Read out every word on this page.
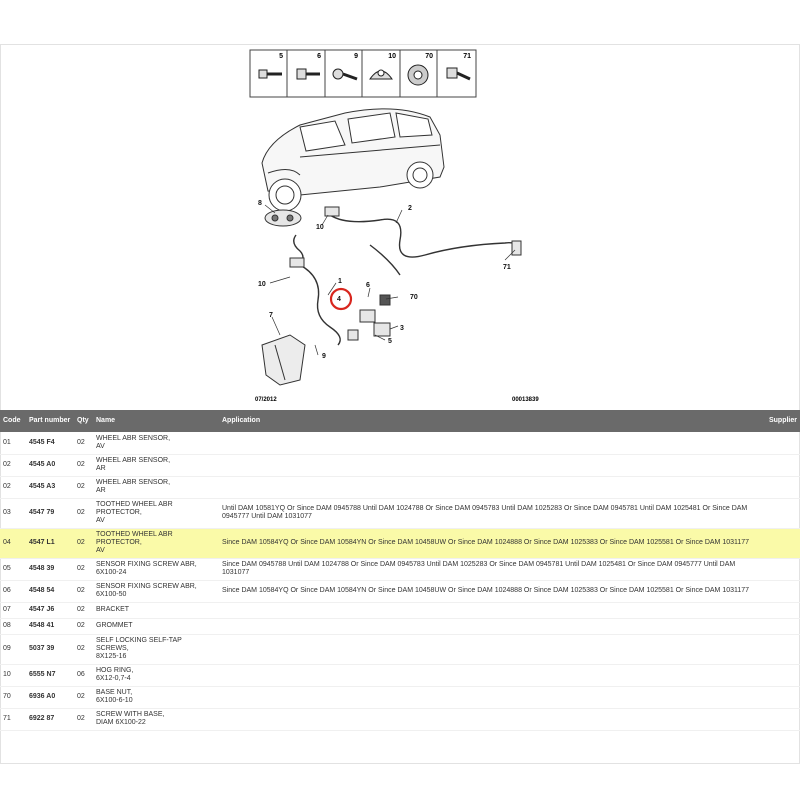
5	6	9	10	70	71
8
10
2
71
10	1
4
6
70
3
7
5
9
07/2012	00013839
Code	Part number	Qty	Name	Application	Supplier
01	4545 F4	02	WHEEL ABR SENSOR,
AV		
02	4545 A0	02	WHEEL ABR SENSOR,
AR		
02	4545 A3	02	WHEEL ABR SENSOR,
AR		
03	4547 79	02	TOOTHED WHEEL ABR
PROTECTOR,
AV	Until DAM 10581YQ Or Since DAM 0945788 Until DAM 1024788 Or Since DAM 0945783 Until DAM 1025283 Or Since DAM 0945781 Until DAM 1025481 Or Since DAM 0945777 Until DAM 1031077	
04	4547 L1	02	TOOTHED WHEEL ABR
PROTECTOR,
AV	Since DAM 10584YQ Or Since DAM 10584YN Or Since DAM 10458UW Or Since DAM 1024888 Or Since DAM 1025383 Or Since DAM 1025581 Or Since DAM 1031177	
05	4548 39	02	SENSOR FIXING SCREW ABR,
6X100-24	Since DAM 0945788 Until DAM 1024788 Or Since DAM 0945783 Until DAM 1025283 Or Since DAM 0945781 Until DAM 1025481 Or Since DAM 0945777 Until DAM 1031077	
06	4548 54	02	SENSOR FIXING SCREW ABR,
6X100-50	Since DAM 10584YQ Or Since DAM 10584YN Or Since DAM 10458UW Or Since DAM 1024888 Or Since DAM 1025383 Or Since DAM 1025581 Or Since DAM 1031177	
07	4547 J6	02	BRACKET		
08	4548 41	02	GROMMET		
09	5037 39	02	SELF LOCKING SELF-TAP
SCREWS,
8X125-16		
10	6555 N7	06	HOG RING,
6X12-0,7-4		
70	6936 A0	02	BASE NUT,
6X100-6-10		
71	6922 87	02	SCREW WITH BASE,
DIAM 6X100-22		
